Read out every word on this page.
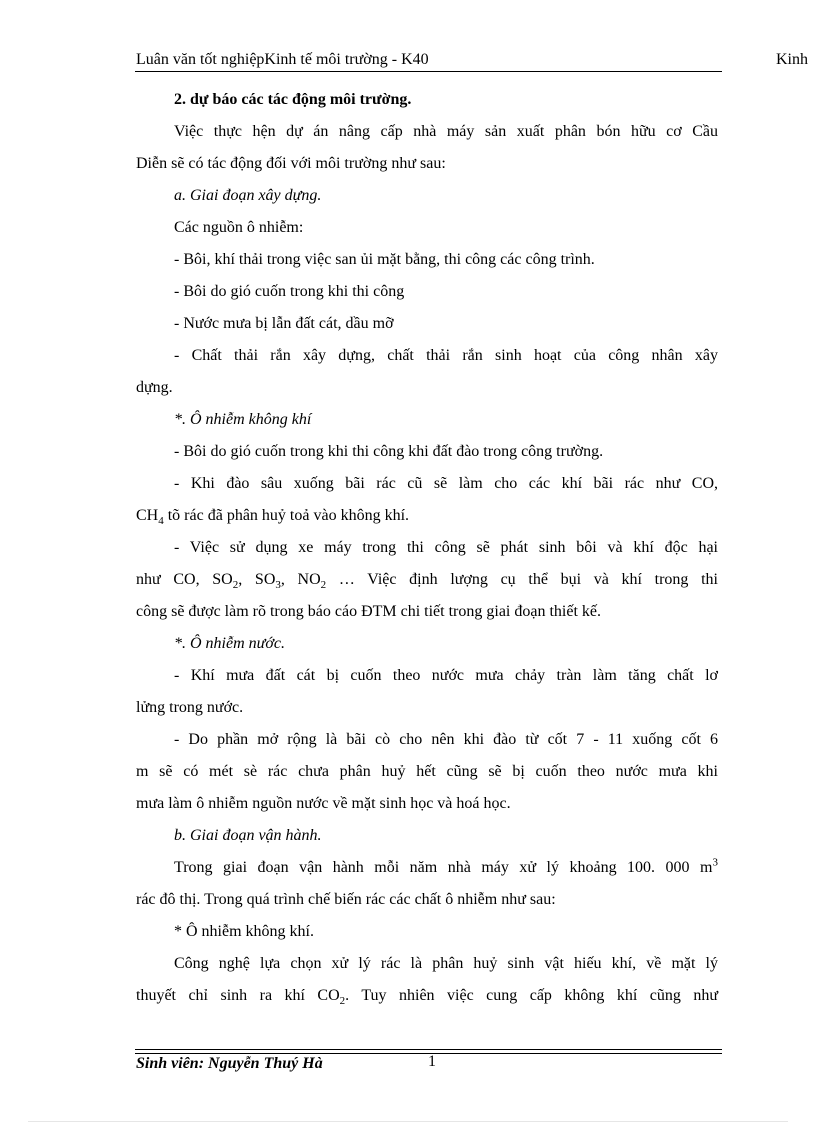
Luân văn tốt nghiệpKinh tế môi trường - K40	Kinh

2. dự báo các tác động môi trường.

Việc thực hện dự án nâng cấp nhà máy sản xuất phân bón hữu cơ Cầu

Diễn sẽ có tác động đối với môi trường như sau:

a. Giai đoạn xây dựng.

Các nguồn ô nhiễm:

- Bôi, khí thải trong việc san ủi mặt bằng, thi công các công trình.

- Bôi do gió cuốn trong khi thi công

- Nước mưa bị lẫn đất cát, dầu mỡ

- Chất thải rắn xây dựng, chất thải rắn sinh hoạt của công nhân xây

dựng.

*. Ô nhiễm không khí

- Bôi do gió cuốn trong khi thi công khi đất đào trong công trường.

- Khi đào sâu xuống bãi rác cũ sẽ làm cho các khí bãi rác như CO,

$CH_4$ tõ rác đã phân huỷ toả vào không khí.

- Việc sử dụng xe máy trong thi công sẽ phát sinh bôi và khí độc hại

như CO, $SO_2$, $SO_3$, $NO_2$ … Việc định lượng cụ thể bụi và khí trong thi

công sẽ được làm rõ trong báo cáo ĐTM chi tiết trong giai đoạn thiết kế.

*. Ô nhiễm nước.

- Khí mưa đất cát bị cuốn theo nước mưa chảy tràn làm tăng chất lơ

lửng trong nước.

- Do phần mở rộng là bãi cò cho nên khi đào từ cốt 7 - 11 xuống cốt 6

m sẽ có mét sè rác chưa phân huỷ hết cũng sẽ bị cuốn theo nước mưa khi

mưa làm ô nhiễm nguồn nước về mặt sinh học và hoá học.

b. Giai đoạn vận hành.

Trong giai đoạn vận hành mỗi năm nhà máy xử lý khoảng 100. 000 $m^3$

rác đô thị. Trong quá trình chế biến rác các chất ô nhiễm như sau:

* Ô nhiễm không khí.

Công nghệ lựa chọn xử lý rác là phân huỷ sinh vật hiếu khí, về mặt lý

thuyết chỉ sinh ra khí $CO_2$. Tuy nhiên việc cung cấp không khí cũng như

Sinh viên: Nguyễn Thuý Hà	1
